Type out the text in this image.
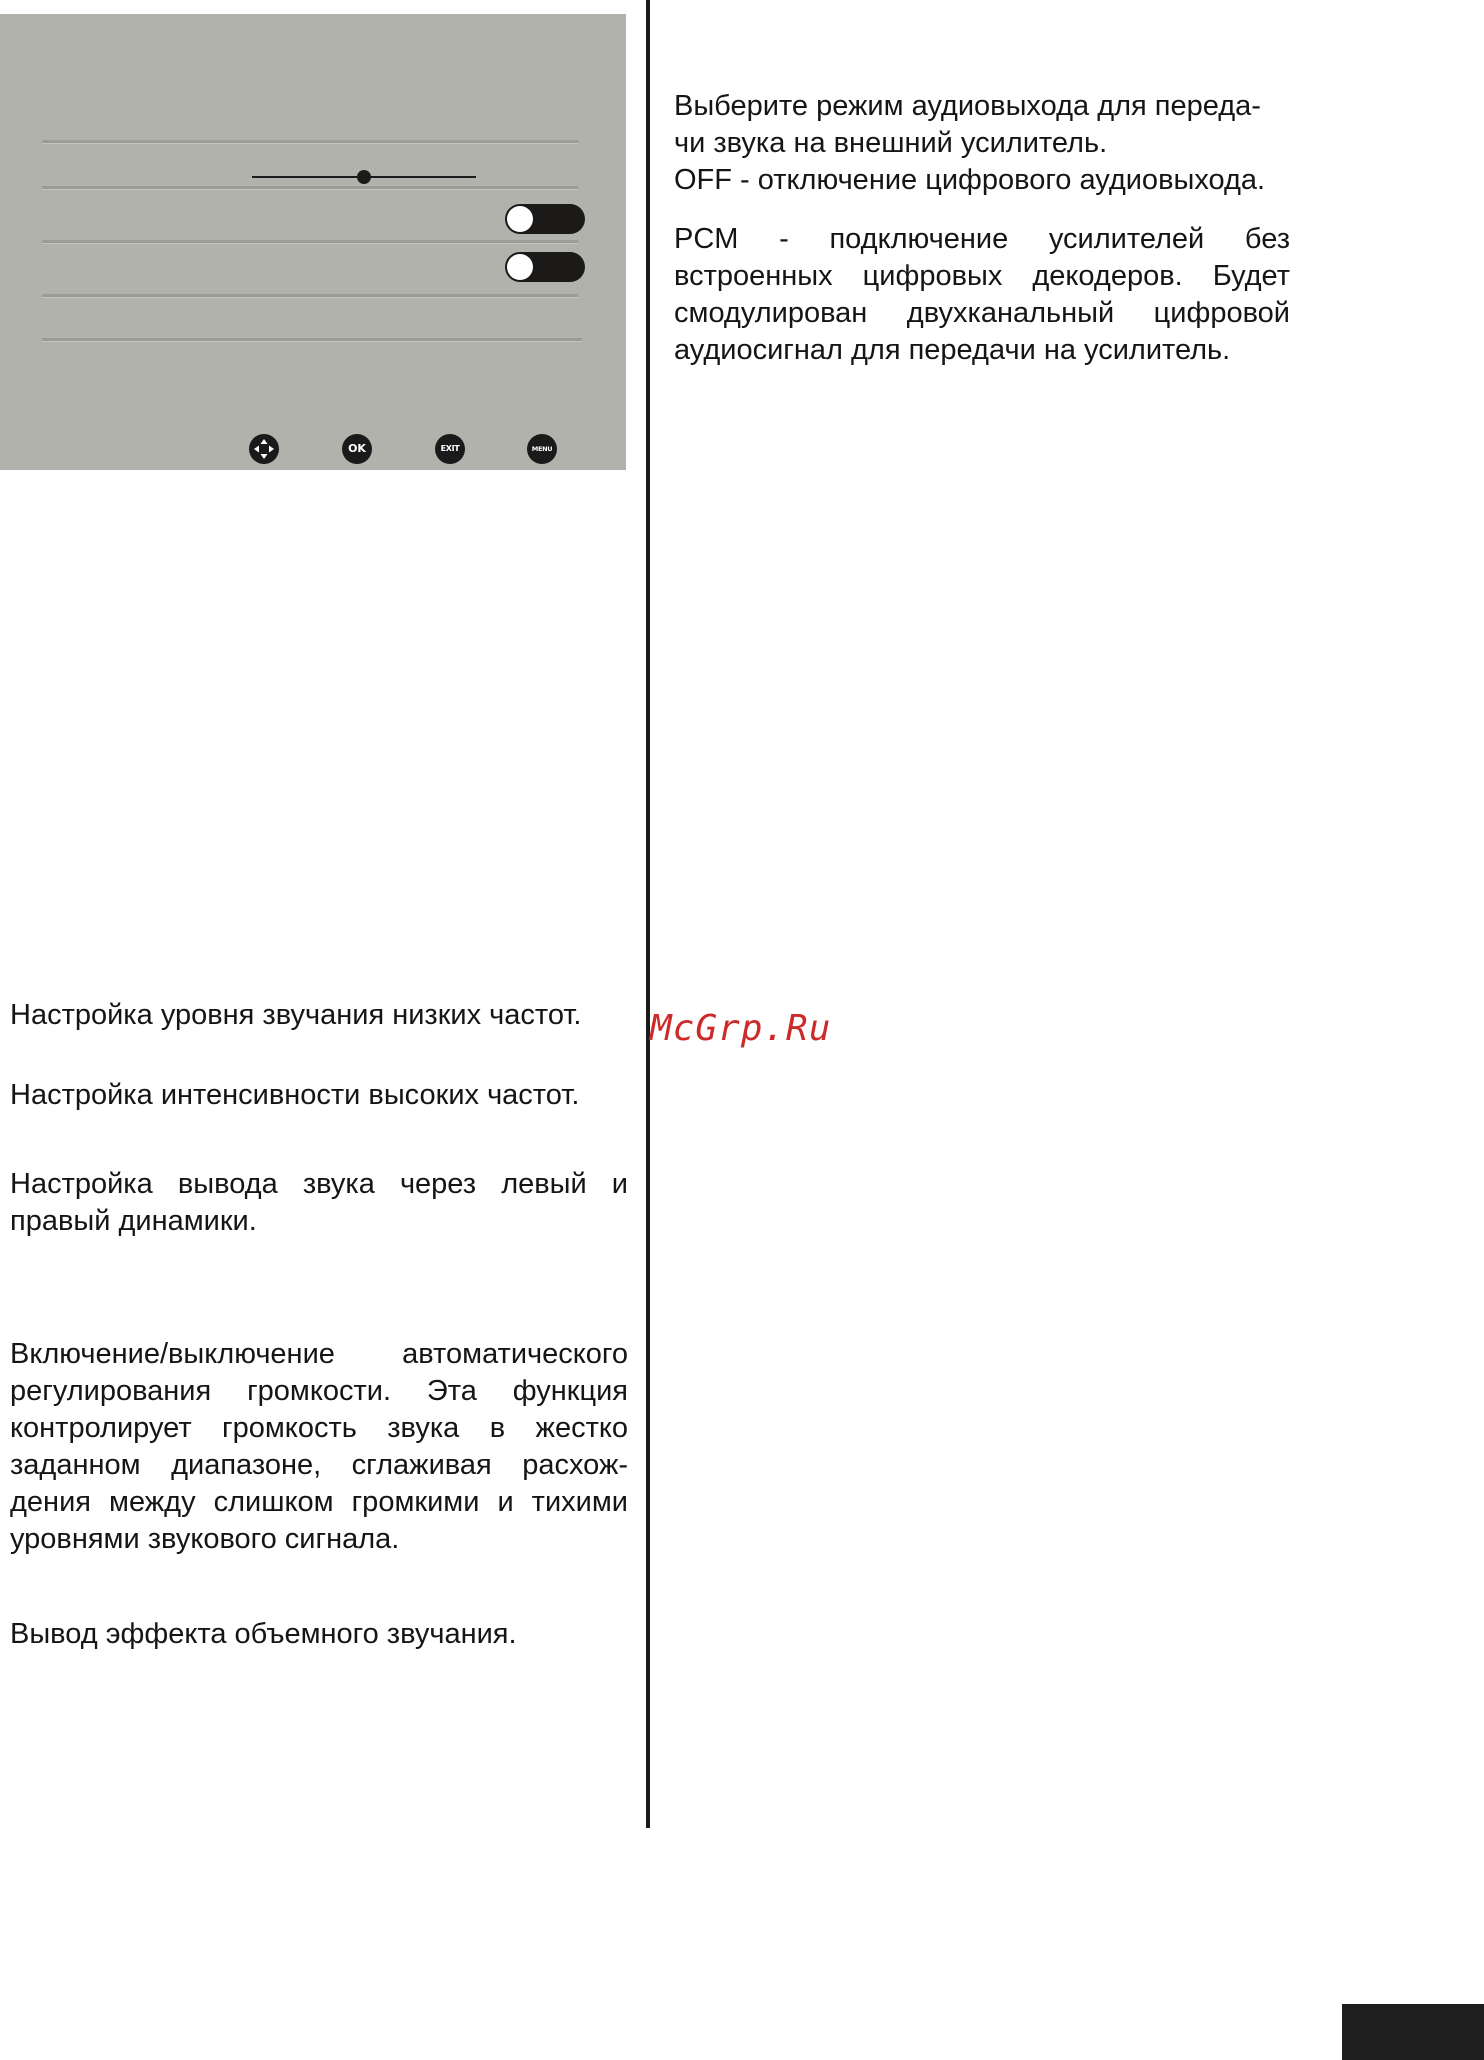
OK	EXIT	MENU

Выберите режим аудиовыхода для переда-

чи звука на внешний усилитель.

OFF - отключение цифрового аудиовыхода.

PCM - подключение усилителей без встроенных цифровых декодеров. Будет смодулирован двухканальный цифровой аудиосигнал для передачи на усилитель.

McGrp.Ru

Настройка уровня звучания низких частот.

Настройка интенсивности высоких частот.

Настройка вывода звука через левый и правый динамики.

Включение/выключение автоматического регулирования громкости. Эта функция контролирует громкость звука в жестко заданном диапазоне, сглаживая расхож-дения между слишком громкими и тихими уровнями звукового сигнала.

Вывод эффекта объемного звучания.
